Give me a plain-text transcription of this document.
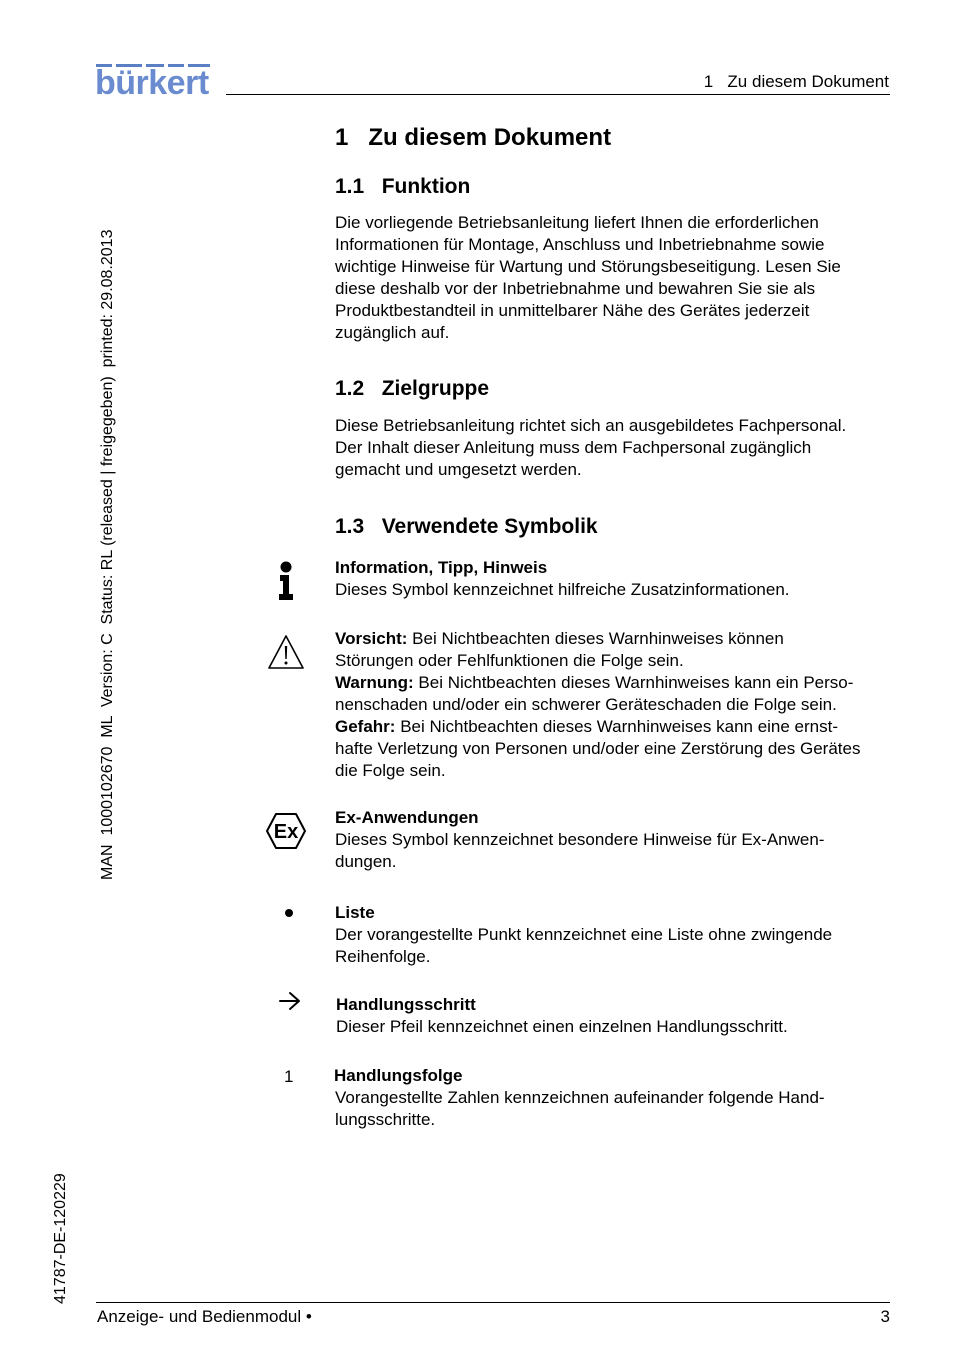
bürkert	1   Zu diesem Dokument
MAN  1000102670  ML  Version: C  Status: RL (released | freigegeben)  printed: 29.08.2013
41787-DE-120229
1   Zu diesem Dokument
1.1   Funktion

Die vorliegende Betriebsanleitung liefert Ihnen die erforderlichen

Informationen für Montage, Anschluss und Inbetriebnahme sowie

wichtige Hinweise für Wartung und Störungsbeseitigung. Lesen Sie

diese deshalb vor der Inbetriebnahme und bewahren Sie sie als

Produktbestandteil in unmittelbarer Nähe des Gerätes jederzeit

zugänglich auf.

1.2   Zielgruppe

Diese Betriebsanleitung richtet sich an ausgebildetes Fachpersonal.

Der Inhalt dieser Anleitung muss dem Fachpersonal zugänglich

gemacht und umgesetzt werden.

1.3   Verwendete Symbolik

Information, Tipp, Hinweis

Dieses Symbol kennzeichnet hilfreiche Zusatzinformationen.

Vorsicht: Bei Nichtbeachten dieses Warnhinweises können

Störungen oder Fehlfunktionen die Folge sein.

Warnung: Bei Nichtbeachten dieses Warnhinweises kann ein Perso-

nenschaden und/oder ein schwerer Geräteschaden die Folge sein.

Gefahr: Bei Nichtbeachten dieses Warnhinweises kann eine ernst-

hafte Verletzung von Personen und/oder eine Zerstörung des Gerätes

die Folge sein.

Ex

Ex-Anwendungen

Dieses Symbol kennzeichnet besondere Hinweise für Ex-Anwen-

dungen.

Liste

Der vorangestellte Punkt kennzeichnet eine Liste ohne zwingende

Reihenfolge.

Handlungsschritt

Dieser Pfeil kennzeichnet einen einzelnen Handlungsschritt.

1 Handlungsfolge

Vorangestellte Zahlen kennzeichnen aufeinander folgende Hand-

lungsschritte.

Anzeige- und Bedienmodul •	3
